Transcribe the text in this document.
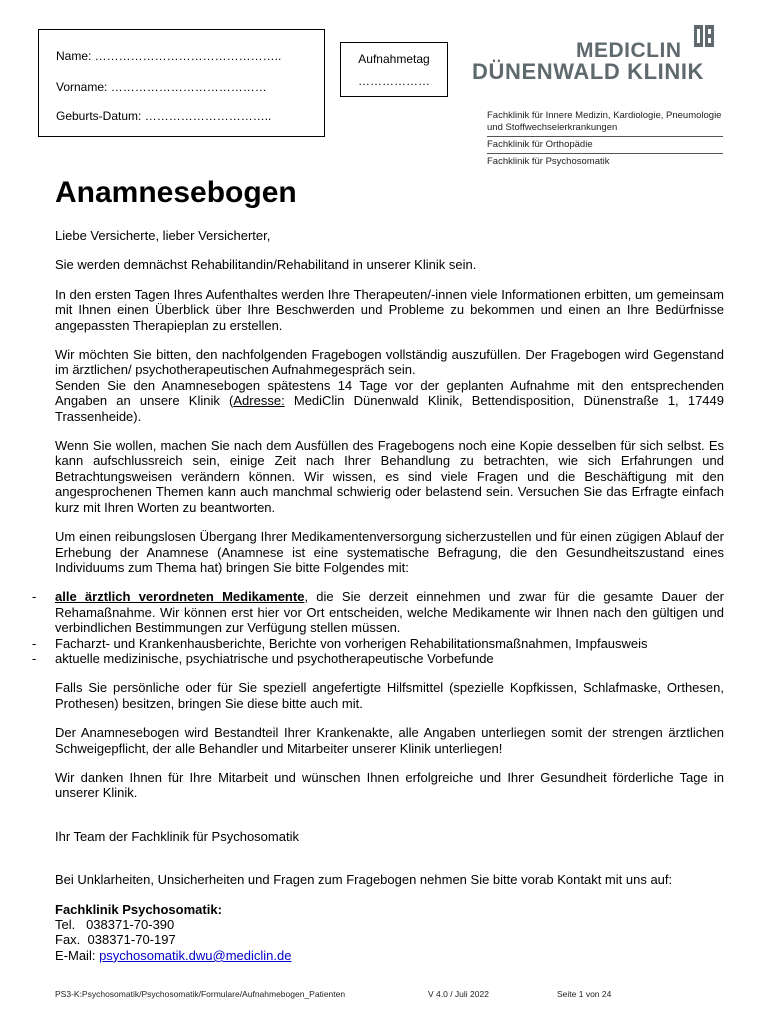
Name: ………………………………………..
Vorname: …………………………………
Geburts-Datum: …………………………..
Aufnahmetag
………………
MEDICLIN
DÜNENWALD KLINIK
Fachklinik für Innere Medizin, Kardiologie, Pneumologie und Stoffwechselerkrankungen
Fachklinik für Orthopädie
Fachklinik für Psychosomatik
Anamnesebogen

Liebe Versicherte, lieber Versicherter,

Sie werden demnächst Rehabilitandin/Rehabilitand in unserer Klinik sein.

In den ersten Tagen Ihres Aufenthaltes werden Ihre Therapeuten/-innen viele Informationen erbitten, um gemeinsam mit Ihnen einen Überblick über Ihre Beschwerden und Probleme zu bekommen und einen an Ihre Bedürfnisse angepassten Therapieplan zu erstellen.

Wir möchten Sie bitten, den nachfolgenden Fragebogen vollständig auszufüllen. Der Fragebogen wird Gegenstand im ärztlichen/ psychotherapeutischen Aufnahmegespräch sein.

Senden Sie den Anamnesebogen spätestens 14 Tage vor der geplanten Aufnahme mit den entsprechenden Angaben an unsere Klinik (Adresse: MediClin Dünenwald Klinik, Bettendisposition, Dünenstraße 1, 17449 Trassenheide).

Wenn Sie wollen, machen Sie nach dem Ausfüllen des Fragebogens noch eine Kopie desselben für sich selbst. Es kann aufschlussreich sein, einige Zeit nach Ihrer Behandlung zu betrachten, wie sich Erfahrungen und Betrachtungsweisen verändern können. Wir wissen, es sind viele Fragen und die Beschäftigung mit den angesprochenen Themen kann auch manchmal schwierig oder belastend sein. Versuchen Sie das Erfragte einfach kurz mit Ihren Worten zu beantworten.

Um einen reibungslosen Übergang Ihrer Medikamentenversorgung sicherzustellen und für einen zügigen Ablauf der Erhebung der Anamnese (Anamnese ist eine systematische Befragung, die den Gesundheitszustand eines Individuums zum Thema hat) bringen Sie bitte Folgendes mit:

- alle ärztlich verordneten Medikamente, die Sie derzeit einnehmen und zwar für die gesamte Dauer der Rehamaßnahme. Wir können erst hier vor Ort entscheiden, welche Medikamente wir Ihnen nach den gültigen und verbindlichen Bestimmungen zur Verfügung stellen müssen.
- Facharzt- und Krankenhausberichte, Berichte von vorherigen Rehabilitationsmaßnahmen, Impfausweis
- aktuelle medizinische, psychiatrische und psychotherapeutische Vorbefunde

Falls Sie persönliche oder für Sie speziell angefertigte Hilfsmittel (spezielle Kopfkissen, Schlafmaske, Orthesen, Prothesen) besitzen, bringen Sie diese bitte auch mit.

Der Anamnesebogen wird Bestandteil Ihrer Krankenakte, alle Angaben unterliegen somit der strengen ärztlichen Schweigepflicht, der alle Behandler und Mitarbeiter unserer Klinik unterliegen!

Wir danken Ihnen für Ihre Mitarbeit und wünschen Ihnen erfolgreiche und Ihrer Gesundheit förderliche Tage in unserer Klinik.

Ihr Team der Fachklinik für Psychosomatik

Bei Unklarheiten, Unsicherheiten und Fragen zum Fragebogen nehmen Sie bitte vorab Kontakt mit uns auf:

Fachklinik Psychosomatik:
Tel.   038371-70-390
Fax.  038371-70-197
E-Mail: psychosomatik.dwu@mediclin.de
PS3-K:Psychosomatik/Psychosomatik/Formulare/Aufnahmebogen_Patienten	V 4.0 / Juli 2022	Seite 1 von 24
